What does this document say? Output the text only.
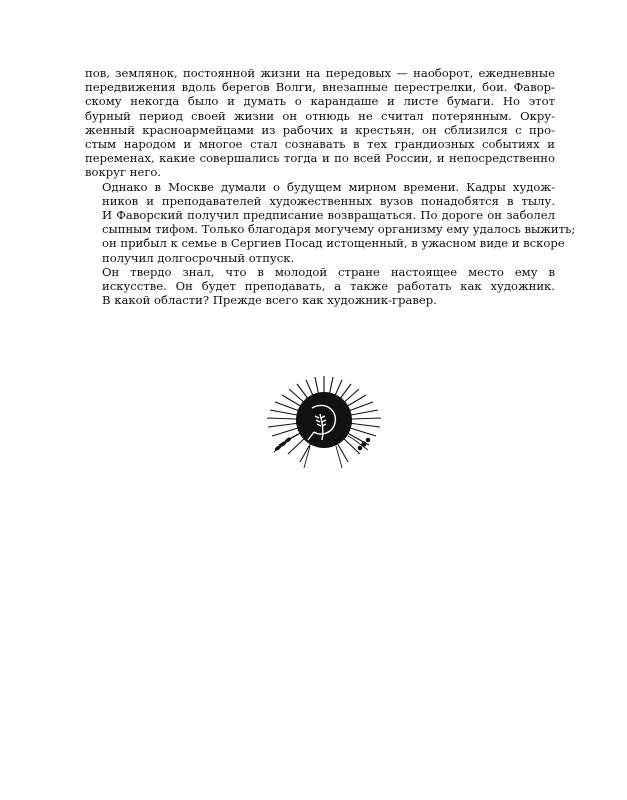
пов, землянок, постоянной жизни на передовых — наоборот, ежедневные
передвижения вдоль берегов Волги, внезапные перестрелки, бои. Фавор-
скому некогда было и думать о карандаше и листе бумаги. Но этот
бурный период своей жизни он отнюдь не считал потерянным. Окру-
женный красноармейцами из рабочих и крестьян, он сблизился с про-
стым народом и многое стал сознавать в тех грандиозных событиях и
переменах, какие совершались тогда и по всей России, и непосредственно
вокруг него.

Однако в Москве думали о будущем мирном времени. Кадры худож-
ников и преподавателей художественных вузов понадобятся в тылу.
И Фаворский получил предписание возвращаться. По дороге он заболел
сыпным тифом. Только благодаря могучему организму ему удалось выжить;
он прибыл к семье в Сергиев Посад истощенный, в ужасном виде и вскоре
получил долгосрочный отпуск.

Он твердо знал, что в молодой стране настоящее место ему в
искусстве. Он будет преподавать, а также работать как художник.
В какой области? Прежде всего как художник-гравер.
